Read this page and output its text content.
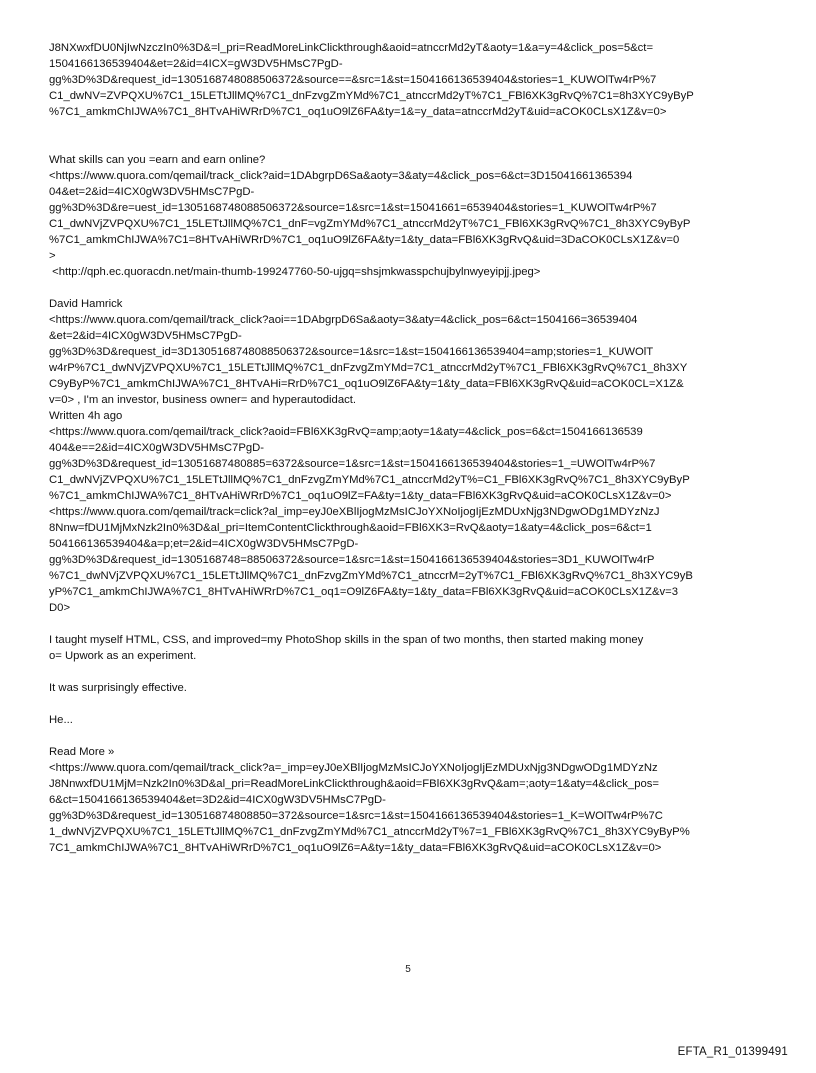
J8NXwxfDU0NjIwNzczIn0%3D&=l_pri=ReadMoreLinkClickthrough&aoid=atnccrMd2yT&aoty=1&a=y=4&click_pos=5&ct=
1504166136539404&et=2&id=4ICX=gW3DV5HMsC7PgD-
gg%3D%3D&request_id=1305168748088506372&source==&src=1&st=1504166136539404&stories=1_KUWOlTw4rP%7
C1_dwNV=ZVPQXU%7C1_15LETtJllMQ%7C1_dnFzvgZmYMd%7C1_atnccrMd2yT%7C1_FBl6XK3gRvQ%7C1=8h3XYC9yByP
%7C1_amkmChIJWA%7C1_8HTvAHiWRrD%7C1_oq1uO9lZ6FA&ty=1&=y_data=atnccrMd2yT&uid=aCOK0CLsX1Z&v=0>
What skills can you =earn and earn online?
<https://www.quora.com/qemail/track_click?aid=1DAbgrpD6Sa&aoty=3&aty=4&click_pos=6&ct=3D15041661365394
04&et=2&id=4ICX0gW3DV5HMsC7PgD-
gg%3D%3D&re=uest_id=1305168748088506372&source=1&src=1&st=15041661=6539404&stories=1_KUWOlTw4rP%7
C1_dwNVjZVPQXU%7C1_15LETtJllMQ%7C1_dnF=vgZmYMd%7C1_atnccrMd2yT%7C1_FBl6XK3gRvQ%7C1_8h3XYC9yByP
%7C1_amkmChIJWA%7C1=8HTvAHiWRrD%7C1_oq1uO9lZ6FA&ty=1&ty_data=FBl6XK3gRvQ&uid=3DaCOK0CLsX1Z&v=0
>
<http://qph.ec.quoracdn.net/main-thumb-199247760-50-ujgq=shsjmkwasspchujbylnwyeyipjj.jpeg>
David Hamrick
<https://www.quora.com/qemail/track_click?aoi==1DAbgrpD6Sa&aoty=3&aty=4&click_pos=6&ct=1504166=36539404
&et=2&id=4ICX0gW3DV5HMsC7PgD-
gg%3D%3D&request_id=3D1305168748088506372&source=1&src=1&st=1504166136539404=amp;stories=1_KUWOlT
w4rP%7C1_dwNVjZVPQXU%7C1_15LETtJllMQ%7C1_dnFzvgZmYMd=7C1_atnccrMd2yT%7C1_FBl6XK3gRvQ%7C1_8h3XY
C9yByP%7C1_amkmChIJWA%7C1_8HTvAHi=RrD%7C1_oq1uO9lZ6FA&ty=1&ty_data=FBl6XK3gRvQ&uid=aCOK0CL=X1Z&
v=0> , I'm an investor, business owner= and hyperautodidact.
Written 4h ago
<https://www.quora.com/qemail/track_click?aoid=FBl6XK3gRvQ=amp;aoty=1&aty=4&click_pos=6&ct=1504166136539
404&e==2&id=4ICX0gW3DV5HMsC7PgD-
gg%3D%3D&request_id=13051687480885=6372&source=1&src=1&st=1504166136539404&stories=1_=UWOlTw4rP%7
C1_dwNVjZVPQXU%7C1_15LETtJllMQ%7C1_dnFzvgZmYMd%7C1_atnccrMd2yT%=C1_FBl6XK3gRvQ%7C1_8h3XYC9yByP
%7C1_amkmChIJWA%7C1_8HTvAHiWRrD%7C1_oq1uO9lZ=FA&ty=1&ty_data=FBl6XK3gRvQ&uid=aCOK0CLsX1Z&v=0>
<https://www.quora.com/qemail/track=click?al_imp=eyJ0eXBlIjogMzMsICJoYXNoIjogIjEzMDUxNjg3NDgwODg1MDYzNzJ
8Nnw=fDU1MjMxNzk2In0%3D&al_pri=ItemContentClickthrough&aoid=FBl6XK3=RvQ&aoty=1&aty=4&click_pos=6&ct=1
504166136539404&a=p;et=2&id=4ICX0gW3DV5HMsC7PgD-
gg%3D%3D&request_id=1305168748=88506372&source=1&src=1&st=1504166136539404&stories=3D1_KUWOlTw4rP
%7C1_dwNVjZVPQXU%7C1_15LETtJllMQ%7C1_dnFzvgZmYMd%7C1_atnccrM=2yT%7C1_FBl6XK3gRvQ%7C1_8h3XYC9yB
yP%7C1_amkmChIJWA%7C1_8HTvAHiWRrD%7C1_oq1=O9lZ6FA&ty=1&ty_data=FBl6XK3gRvQ&uid=aCOK0CLsX1Z&v=3
D0>
I taught myself HTML, CSS, and improved=my PhotoShop skills in the span of two months, then started making money
o= Upwork as an experiment.
It was surprisingly effective.
He...
Read More »
<https://www.quora.com/qemail/track_click?a=_imp=eyJ0eXBlIjogMzMsICJoYXNoIjogIjEzMDUxNjg3NDgwODg1MDYzNz
J8NnwxfDU1MjM=Nzk2In0%3D&al_pri=ReadMoreLinkClickthrough&aoid=FBl6XK3gRvQ&am=;aoty=1&aty=4&click_pos=
6&ct=1504166136539404&et=3D2&id=4ICX0gW3DV5HMsC7PgD-
gg%3D%3D&request_id=130516874808850=372&source=1&src=1&st=1504166136539404&stories=1_K=WOlTw4rP%7C
1_dwNVjZVPQXU%7C1_15LETtJllMQ%7C1_dnFzvgZmYMd%7C1_atnccrMd2yT%7=1_FBl6XK3gRvQ%7C1_8h3XYC9yByP%
7C1_amkmChIJWA%7C1_8HTvAHiWRrD%7C1_oq1uO9lZ6=A&ty=1&ty_data=FBl6XK3gRvQ&uid=aCOK0CLsX1Z&v=0>
5
EFTA_R1_01399491
